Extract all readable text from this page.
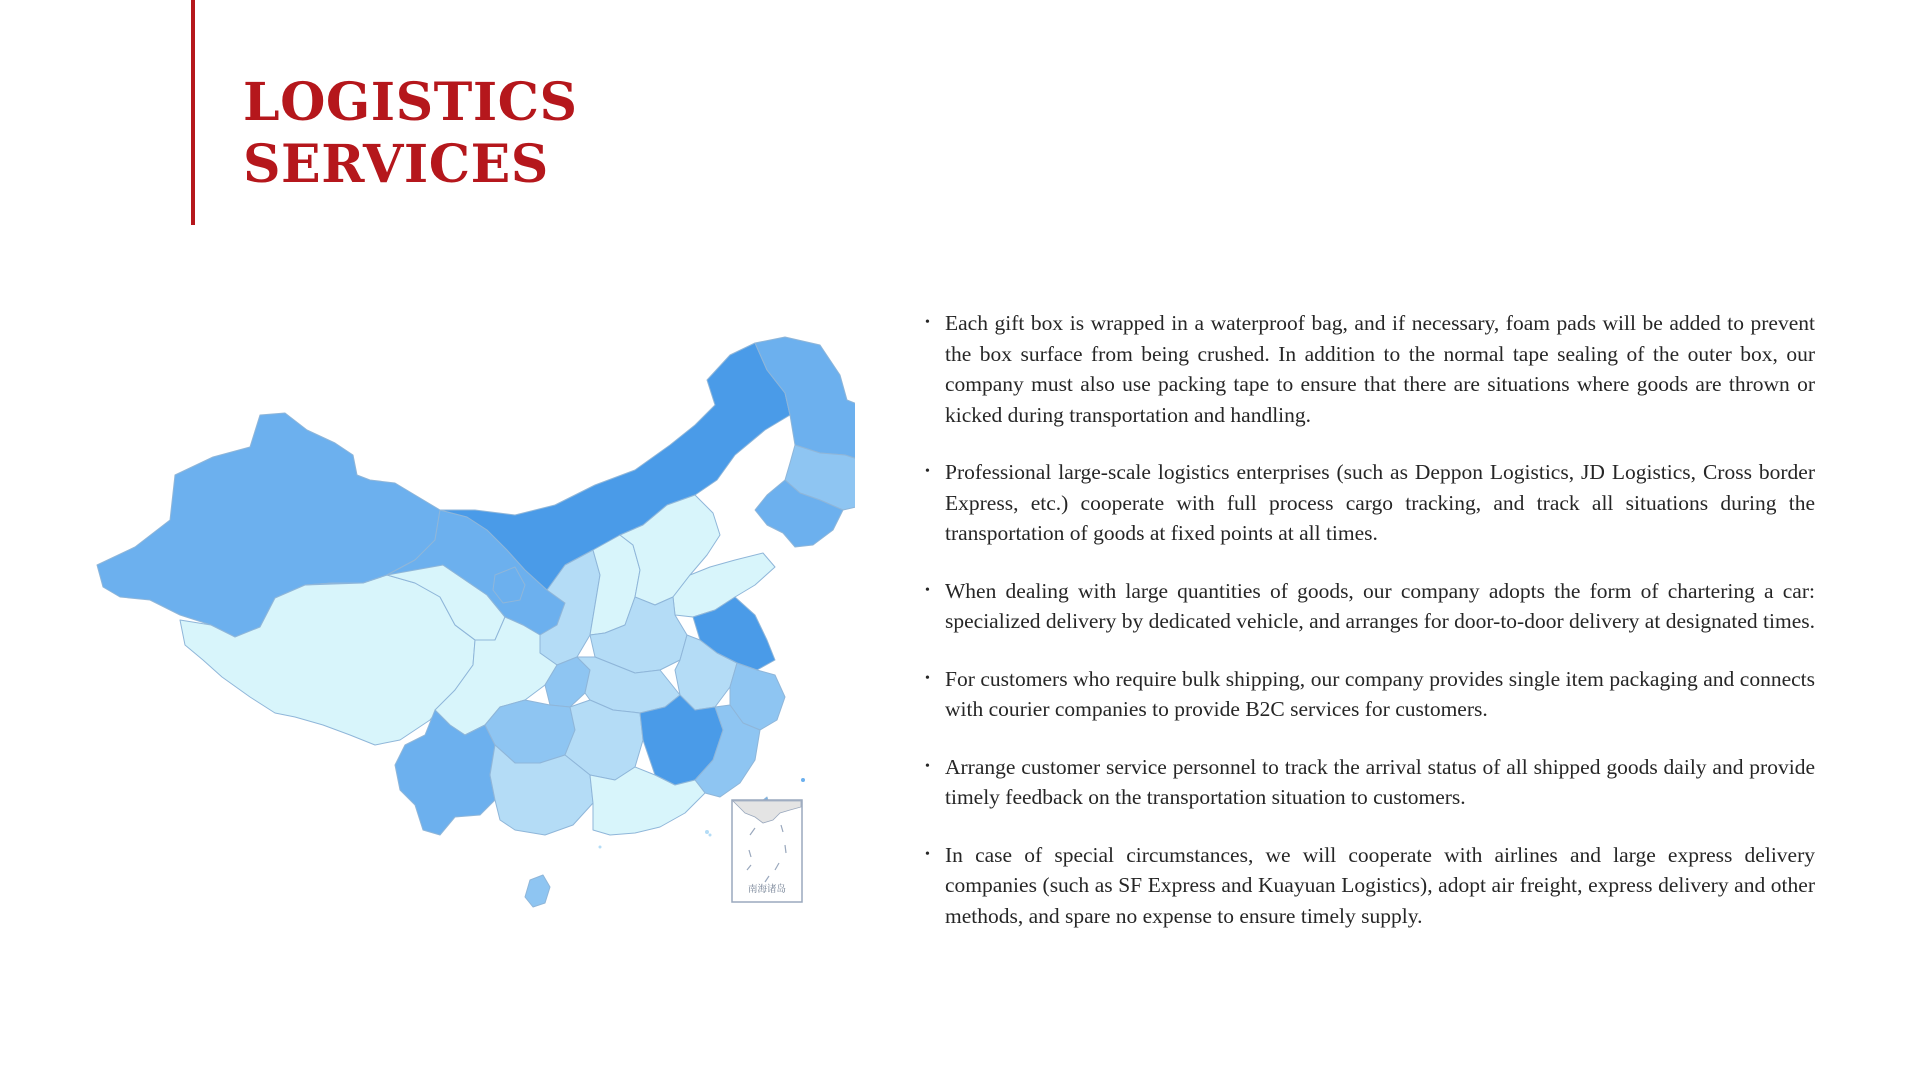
LOGISTICS
SERVICES
南海诸岛
• Each gift box is wrapped in a waterproof bag, and if necessary, foam pads will be added to prevent the box surface from being crushed. In addition to the normal tape sealing of the outer box, our company must also use packing tape to ensure that there are situations where goods are thrown or kicked during transportation and handling.
• Professional large-scale logistics enterprises (such as Deppon Logistics, JD Logistics, Cross border Express, etc.) cooperate with full process cargo tracking, and track all situations during the transportation of goods at fixed points at all times.
• When dealing with large quantities of goods, our company adopts the form of chartering a car: specialized delivery by dedicated vehicle, and arranges for door-to-door delivery at designated times.
• For customers who require bulk shipping, our company provides single item packaging and connects with courier companies to provide B2C services for customers.
• Arrange customer service personnel to track the arrival status of all shipped goods daily and provide timely feedback on the transportation situation to customers.
• In case of special circumstances, we will cooperate with airlines and large express delivery companies (such as SF Express and Kuayuan Logistics), adopt air freight, express delivery and other methods, and spare no expense to ensure timely supply.
